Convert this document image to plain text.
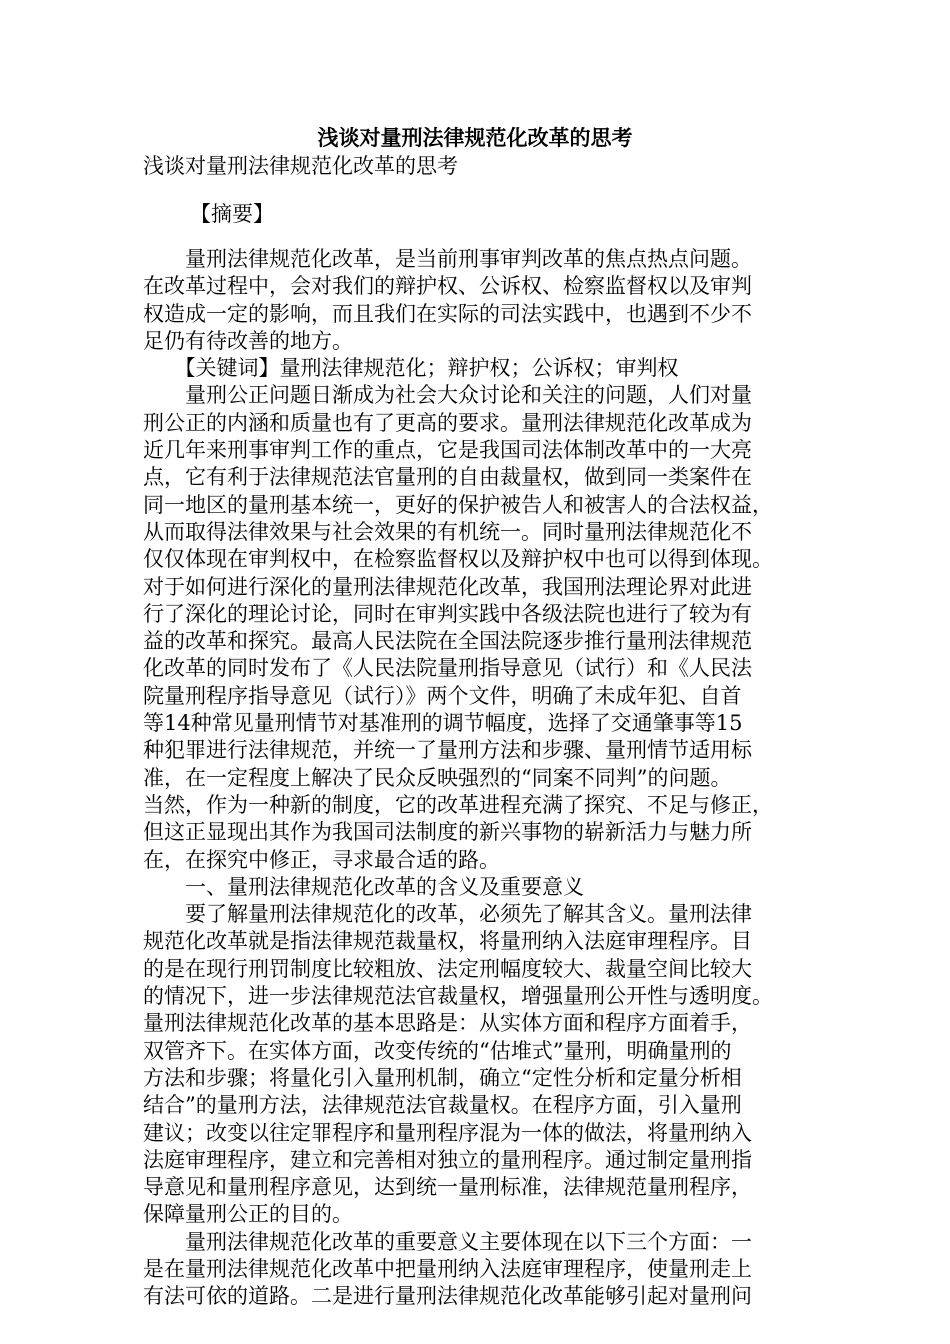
浅谈对量刑法律规范化改革的思考
浅谈对量刑法律规范化改革的思考
【摘要】
　　量刑法律规范化改革，是当前刑事审判改革的焦点热点问题。
在改革过程中，会对我们的辩护权、公诉权、检察监督权以及审判
权造成一定的影响，而且我们在实际的司法实践中，也遇到不少不
足仍有待改善的地方。
　　【关键词】量刑法律规范化；辩护权；公诉权；审判权
　　量刑公正问题日渐成为社会大众讨论和关注的问题，人们对量
刑公正的内涵和质量也有了更高的要求。量刑法律规范化改革成为
近几年来刑事审判工作的重点，它是我国司法体制改革中的一大亮
点，它有利于法律规范法官量刑的自由裁量权，做到同一类案件在
同一地区的量刑基本统一，更好的保护被告人和被害人的合法权益，
从而取得法律效果与社会效果的有机统一。同时量刑法律规范化不
仅仅体现在审判权中，在检察监督权以及辩护权中也可以得到体现。
对于如何进行深化的量刑法律规范化改革，我国刑法理论界对此进
行了深化的理论讨论，同时在审判实践中各级法院也进行了较为有
益的改革和探究。最高人民法院在全国法院逐步推行量刑法律规范
化改革的同时发布了《人民法院量刑指导意见（试行）和《人民法
院量刑程序指导意见（试行）》两个文件，明确了未成年犯、自首
等14种常见量刑情节对基准刑的调节幅度，选择了交通肇事等15
种犯罪进行法律规范，并统一了量刑方法和步骤、量刑情节适用标
准，在一定程度上解决了民众反映强烈的“同案不同判”的问题。
当然，作为一种新的制度，它的改革进程充满了探究、不足与修正，
但这正显现出其作为我国司法制度的新兴事物的崭新活力与魅力所
在，在探究中修正，寻求最合适的路。
　　一、量刑法律规范化改革的含义及重要意义
　　要了解量刑法律规范化的改革，必须先了解其含义。量刑法律
规范化改革就是指法律规范裁量权，将量刑纳入法庭审理程序。目
的是在现行刑罚制度比较粗放、法定刑幅度较大、裁量空间比较大
的情况下，进一步法律规范法官裁量权，增强量刑公开性与透明度。
量刑法律规范化改革的基本思路是：从实体方面和程序方面着手，
双管齐下。在实体方面，改变传统的“估堆式”量刑，明确量刑的
方法和步骤；将量化引入量刑机制，确立“定性分析和定量分析相
结合”的量刑方法，法律规范法官裁量权。在程序方面，引入量刑
建议；改变以往定罪程序和量刑程序混为一体的做法，将量刑纳入
法庭审理程序，建立和完善相对独立的量刑程序。通过制定量刑指
导意见和量刑程序意见，达到统一量刑标准，法律规范量刑程序，
保障量刑公正的目的。
　　量刑法律规范化改革的重要意义主要体现在以下三个方面：一
是在量刑法律规范化改革中把量刑纳入法庭审理程序，使量刑走上
有法可依的道路。二是进行量刑法律规范化改革能够引起对量刑问
